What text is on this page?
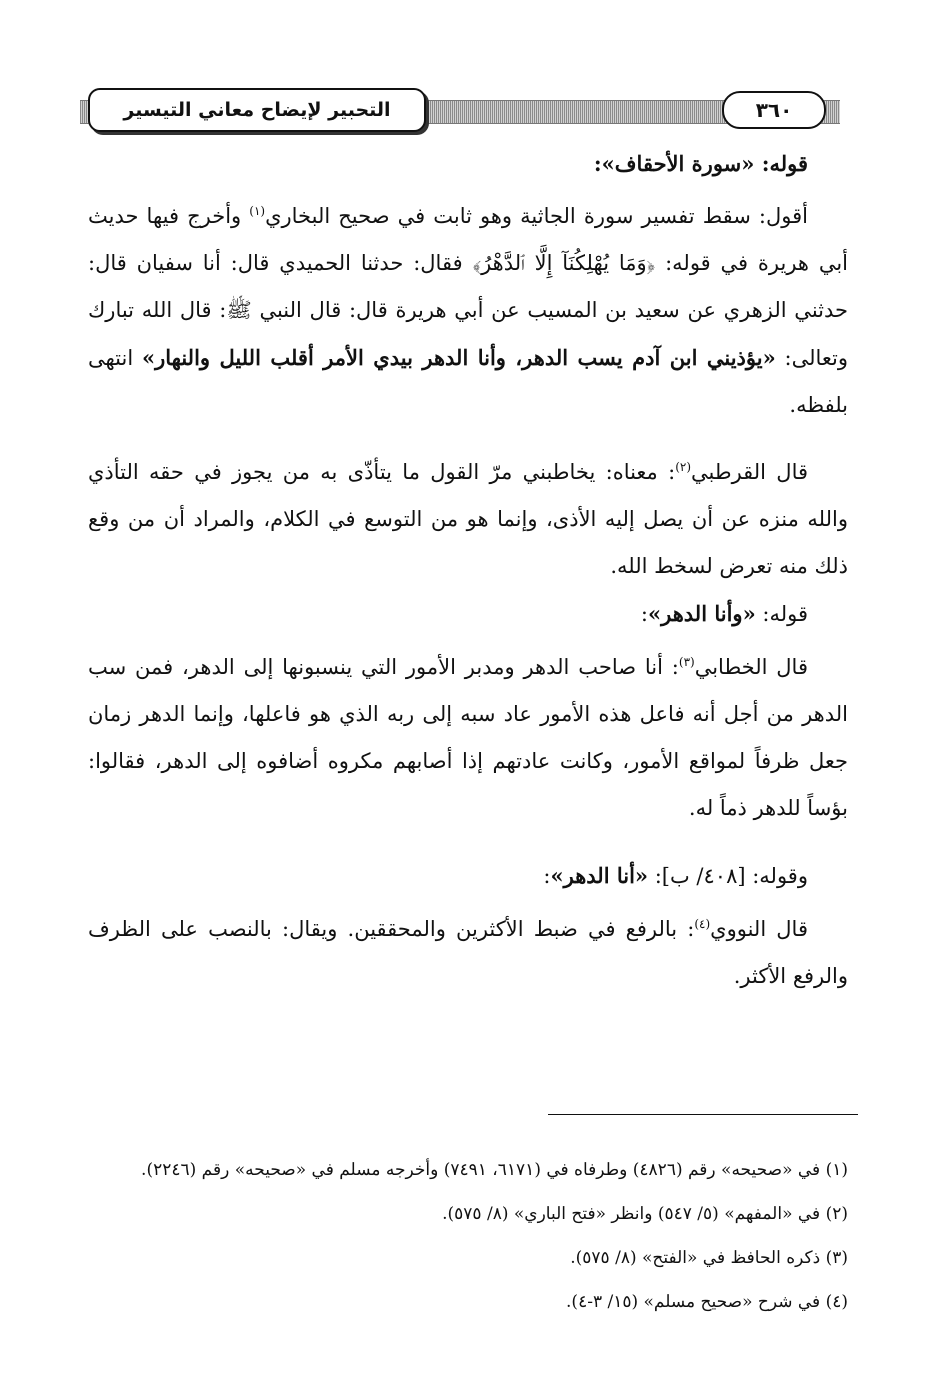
التحبير لإيضاح معاني التيسير	٣٦٠

قوله: «سورة الأحقاف»:

أقول: سقط تفسير سورة الجاثية وهو ثابت في صحيح البخاري$^{(١)}$ وأخرج فيها حديث أبي هريرة في قوله: ﴿وَمَا يُهْلِكُنَآ إِلَّا ٱلدَّهْرُ﴾ فقال: حدثنا الحميدي قال: أنا سفيان قال: حدثني الزهري عن سعيد بن المسيب عن أبي هريرة قال: قال النبي ﷺ: قال الله تبارك وتعالى: «يؤذيني ابن آدم يسب الدهر، وأنا الدهر بيدي الأمر أقلب الليل والنهار» انتهى بلفظه.

قال القرطبي$^{(٢)}$: معناه: يخاطبني مرّ القول ما يتأذّى به من يجوز في حقه التأذي والله منزه عن أن يصل إليه الأذى، وإنما هو من التوسع في الكلام، والمراد أن من وقع ذلك منه تعرض لسخط الله.

قوله: «وأنا الدهر»:

قال الخطابي$^{(٣)}$: أنا صاحب الدهر ومدبر الأمور التي ينسبونها إلى الدهر، فمن سب الدهر من أجل أنه فاعل هذه الأمور عاد سبه إلى ربه الذي هو فاعلها، وإنما الدهر زمان جعل ظرفاً لمواقع الأمور، وكانت عادتهم إذا أصابهم مكروه أضافوه إلى الدهر، فقالوا: بؤساً للدهر ذماً له.

وقوله: [٤٠٨/ ب]: «أنا الدهر»:

قال النووي$^{(٤)}$: بالرفع في ضبط الأكثرين والمحققين. ويقال: بالنصب على الظرف والرفع الأكثر.

(١) في «صحيحه» رقم (٤٨٢٦) وطرفاه في (٦١٧١، ٧٤٩١) وأخرجه مسلم في «صحيحه» رقم (٢٢٤٦).

(٢) في «المفهم» (٥/ ٥٤٧) وانظر «فتح الباري» (٨/ ٥٧٥).

(٣) ذكره الحافظ في «الفتح» (٨/ ٥٧٥).

(٤) في شرح «صحيح مسلم» (١٥/ ٣-٤).
